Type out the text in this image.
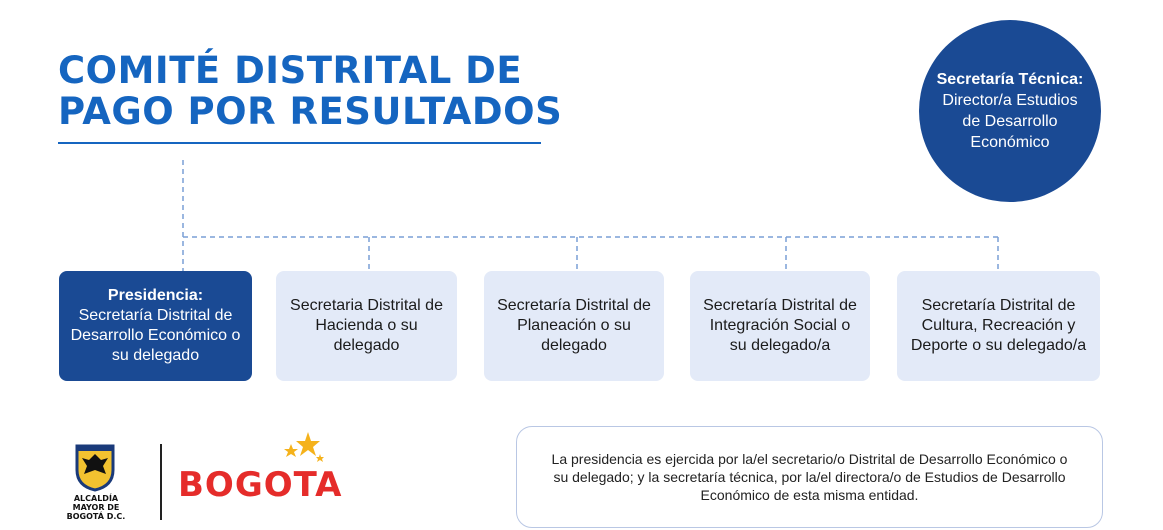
COMITÉ DISTRITAL DE
PAGO POR RESULTADOS
Secretaría Técnica:
Director/a Estudios de Desarrollo Económico
Presidencia:
Secretaría Distrital de Desarrollo Económico o su delegado
Secretaria Distrital de Hacienda o su delegado
Secretaría Distrital de Planeación o su delegado
Secretaría Distrital de Integración Social o su delegado/a
Secretaría Distrital de Cultura, Recreación y Deporte o su delegado/a
ALCALDÍA MAYOR DE BOGOTÁ D.C.
BOGOTA
La presidencia es ejercida por la/el secretario/o Distrital de Desarrollo Económico o su delegado; y la secretaría técnica, por la/el directora/o de Estudios de Desarrollo Económico de esta misma entidad.
